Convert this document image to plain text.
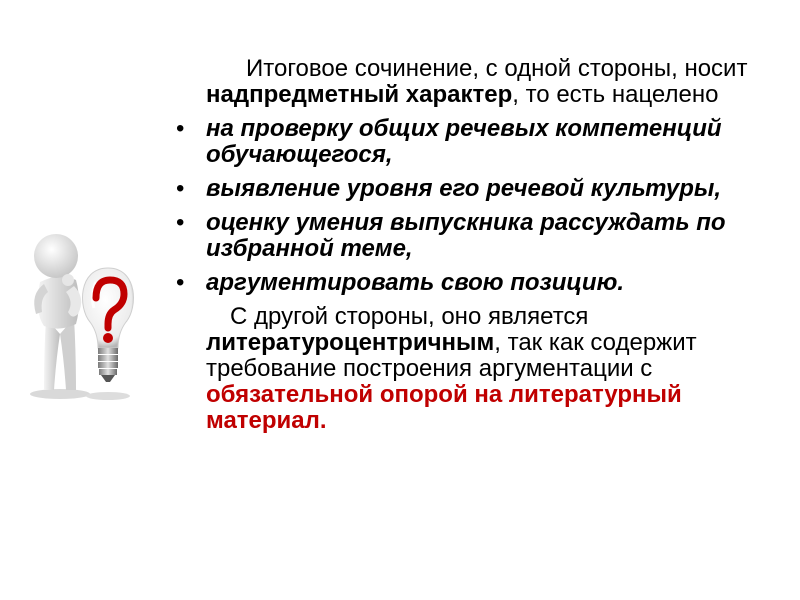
Итоговое сочинение, с одной стороны, носит надпредметный характер, то есть нацелено

• на проверку общих речевых компетенций обучающегося,
• выявление уровня его речевой культуры,
• оценку умения выпускника рассуждать по избранной теме,
• аргументировать свою позицию.

С другой стороны, оно является литературоцентричным, так как содержит требование построения аргументации с обязательной опорой на литературный материал.
